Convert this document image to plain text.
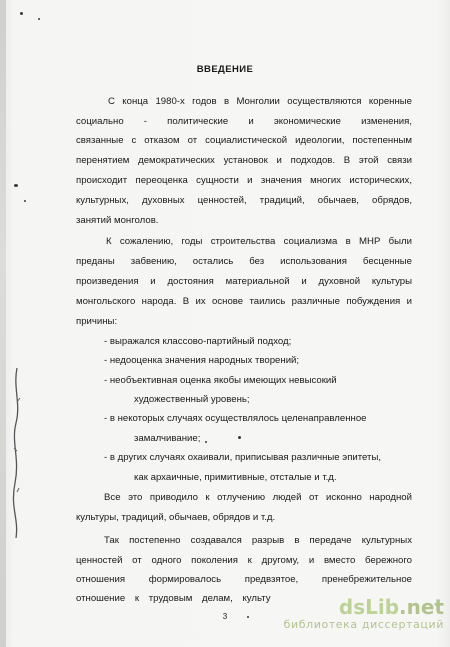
ВВЕДЕНИЕ
С конца 1980-х годов в Монголии осуществляются коренные
социально - политические и экономические изменения,
связанные с отказом от социалистической идеологии, постепенным
перенятием демократических установок и подходов. В этой связи
происходит переоценка сущности и значения многих исторических,
культурных, духовных ценностей, традиций, обычаев, обрядов,
занятий монголов.
К сожалению, годы строительства социализма в МНР были
преданы забвению, остались без использования бесценные
произведения и достояния материальной и духовной культуры
монгольского народа. В их основе таились различные побуждения и
причины:
- выражался классово-партийный подход;
- недооценка значения народных творений;
- необъективная оценка якобы имеющих невысокий
художественный уровень;
- в некоторых случаях осуществлялось целенаправленное
замалчивание;
- в других случаях охаивали, приписывая различные эпитеты,
как архаичные, примитивные, отсталые и т.д.
Все это приводило к отлучению людей от исконно народной
культуры, традиций, обычаев, обрядов и т.д.
Так постепенно создавался разрыв в передаче культурных
ценностей от одного поколения к другому, и вместо бережного
отношения формировалось предвзятое, пренебрежительное
отношение к трудовым делам, культу
3	dsLib.net
библиотека диссертаций
